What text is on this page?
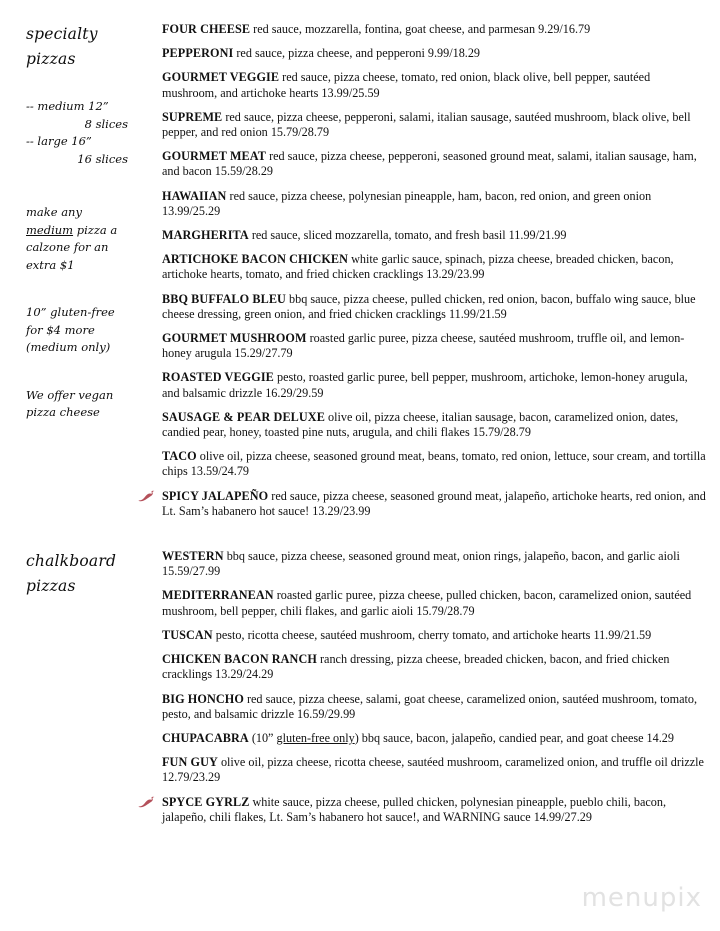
specialty
pizzas
-- medium 12”
8 slices
-- large 16”
16 slices
make any
medium pizza a
calzone for an
extra $1
10” gluten-free
for $4 more
(medium only)
We offer vegan
pizza cheese
FOUR CHEESE red sauce, mozzarella, fontina, goat cheese, and parmesan 9.29/16.79
PEPPERONI red sauce, pizza cheese, and pepperoni 9.99/18.29
GOURMET VEGGIE red sauce, pizza cheese, tomato, red onion, black olive, bell pepper, sautéed mushroom, and artichoke hearts 13.99/25.59
SUPREME red sauce, pizza cheese, pepperoni, salami, italian sausage, sautéed mushroom, black olive, bell pepper, and red onion 15.79/28.79
GOURMET MEAT red sauce, pizza cheese, pepperoni, seasoned ground meat, salami, italian sausage, ham, and bacon 15.59/28.29
HAWAIIAN red sauce, pizza cheese, polynesian pineapple, ham, bacon, red onion, and green onion 13.99/25.29
MARGHERITA red sauce, sliced mozzarella, tomato, and fresh basil 11.99/21.99
ARTICHOKE BACON CHICKEN white garlic sauce, spinach, pizza cheese, breaded chicken, bacon, artichoke hearts, tomato, and fried chicken cracklings 13.29/23.99
BBQ BUFFALO BLEU bbq sauce, pizza cheese, pulled chicken, red onion, bacon, buffalo wing sauce, blue cheese dressing, green onion, and fried chicken cracklings 11.99/21.59
GOURMET MUSHROOM roasted garlic puree, pizza cheese, sautéed mushroom, truffle oil, and lemon-honey arugula 15.29/27.79
ROASTED VEGGIE pesto, roasted garlic puree, bell pepper, mushroom, artichoke, lemon-honey arugula, and balsamic drizzle 16.29/29.59
SAUSAGE & PEAR DELUXE olive oil, pizza cheese, italian sausage, bacon, caramelized onion, dates, candied pear, honey, toasted pine nuts, arugula, and chili flakes 15.79/28.79
TACO olive oil, pizza cheese, seasoned ground meat, beans, tomato, red onion, lettuce, sour cream, and tortilla chips 13.59/24.79
SPICY JALAPEÑO red sauce, pizza cheese, seasoned ground meat, jalapeño, artichoke hearts, red onion, and Lt. Sam’s habanero hot sauce! 13.29/23.99
chalkboard
pizzas
WESTERN bbq sauce, pizza cheese, seasoned ground meat, onion rings, jalapeño, bacon, and garlic aioli 15.59/27.99
MEDITERRANEAN roasted garlic puree, pizza cheese, pulled chicken, bacon, caramelized onion, sautéed mushroom, bell pepper, chili flakes, and garlic aioli 15.79/28.79
TUSCAN pesto, ricotta cheese, sautéed mushroom, cherry tomato, and artichoke hearts 11.99/21.59
CHICKEN BACON RANCH ranch dressing, pizza cheese, breaded chicken, bacon, and fried chicken cracklings 13.29/24.29
BIG HONCHO red sauce, pizza cheese, salami, goat cheese, caramelized onion, sautéed mushroom, tomato, pesto, and balsamic drizzle 16.59/29.99
CHUPACABRA (10” gluten-free only) bbq sauce, bacon, jalapeño, candied pear, and goat cheese 14.29
FUN GUY olive oil, pizza cheese, ricotta cheese, sautéed mushroom, caramelized onion, and truffle oil drizzle 12.79/23.29
SPYCE GYRLZ white sauce, pizza cheese, pulled chicken, polynesian pineapple, pueblo chili, bacon, jalapeño, chili flakes, Lt. Sam’s habanero hot sauce!, and WARNING sauce 14.99/27.29
menupix
